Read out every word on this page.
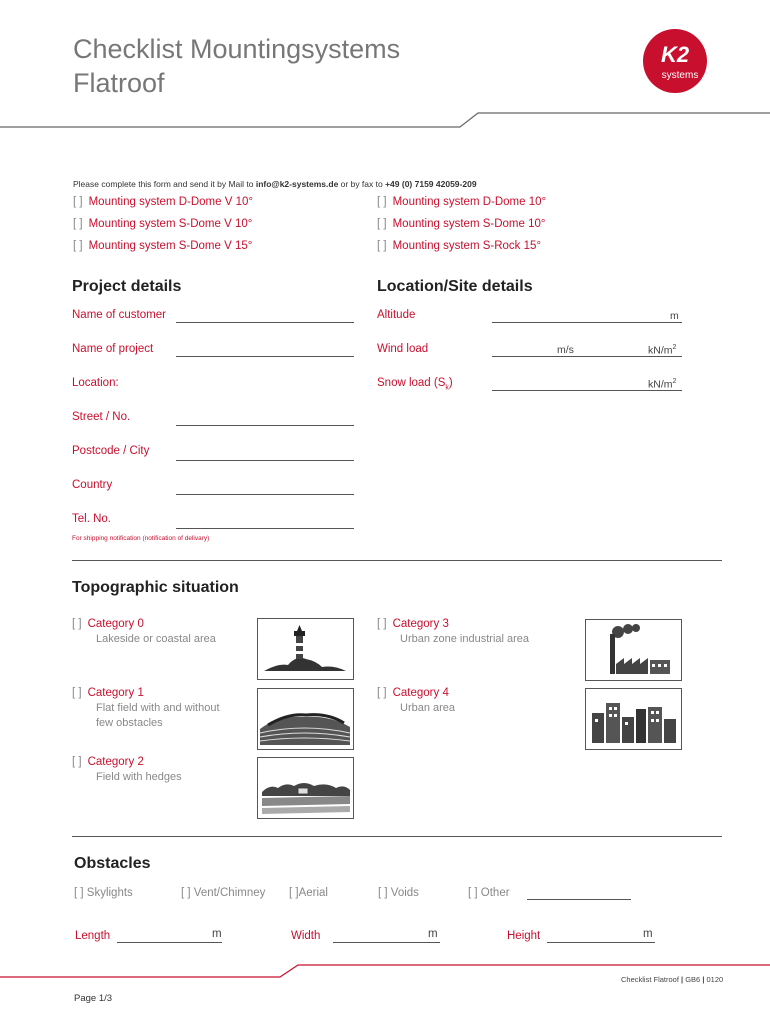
Checklist Mountingsystems
Flatroof
K2
systems
Please complete this form and send it by Mail to info@k2-systems.de or by fax to +49 (0) 7159 42059-209
[ ] Mounting system D-Dome V 10°
[ ] Mounting system S-Dome V 10°
[ ] Mounting system S-Dome V 15°
[ ] Mounting system D-Dome 10°
[ ] Mounting system S-Dome 10°
[ ] Mounting system S-Rock 15°
Project details
Name of customer
Name of project
Location:
Street / No.
Postcode / City
Country
Tel. No.
For shipping notification (notification of delivary)
Location/Site details
Altitude	m
Wind load	m/s	$kN/m^2$
Snow load $(S_k)$	$kN/m^2$
Topographic situation
[ ] Category 0
Lakeside or coastal area
[ ] Category 1
Flat field with and without
few obstacles
[ ] Category 2
Field with hedges
[ ] Category 3
Urban zone industrial area
[ ] Category 4
Urban area
Obstacles
[ ] Skylights	[ ] Vent/Chimney [ ]Aerial	[ ] Voids	[ ] Other
Length	m	Width	m	Height	m
Checklist Flatroof | GB6 | 0120
Page 1/3
